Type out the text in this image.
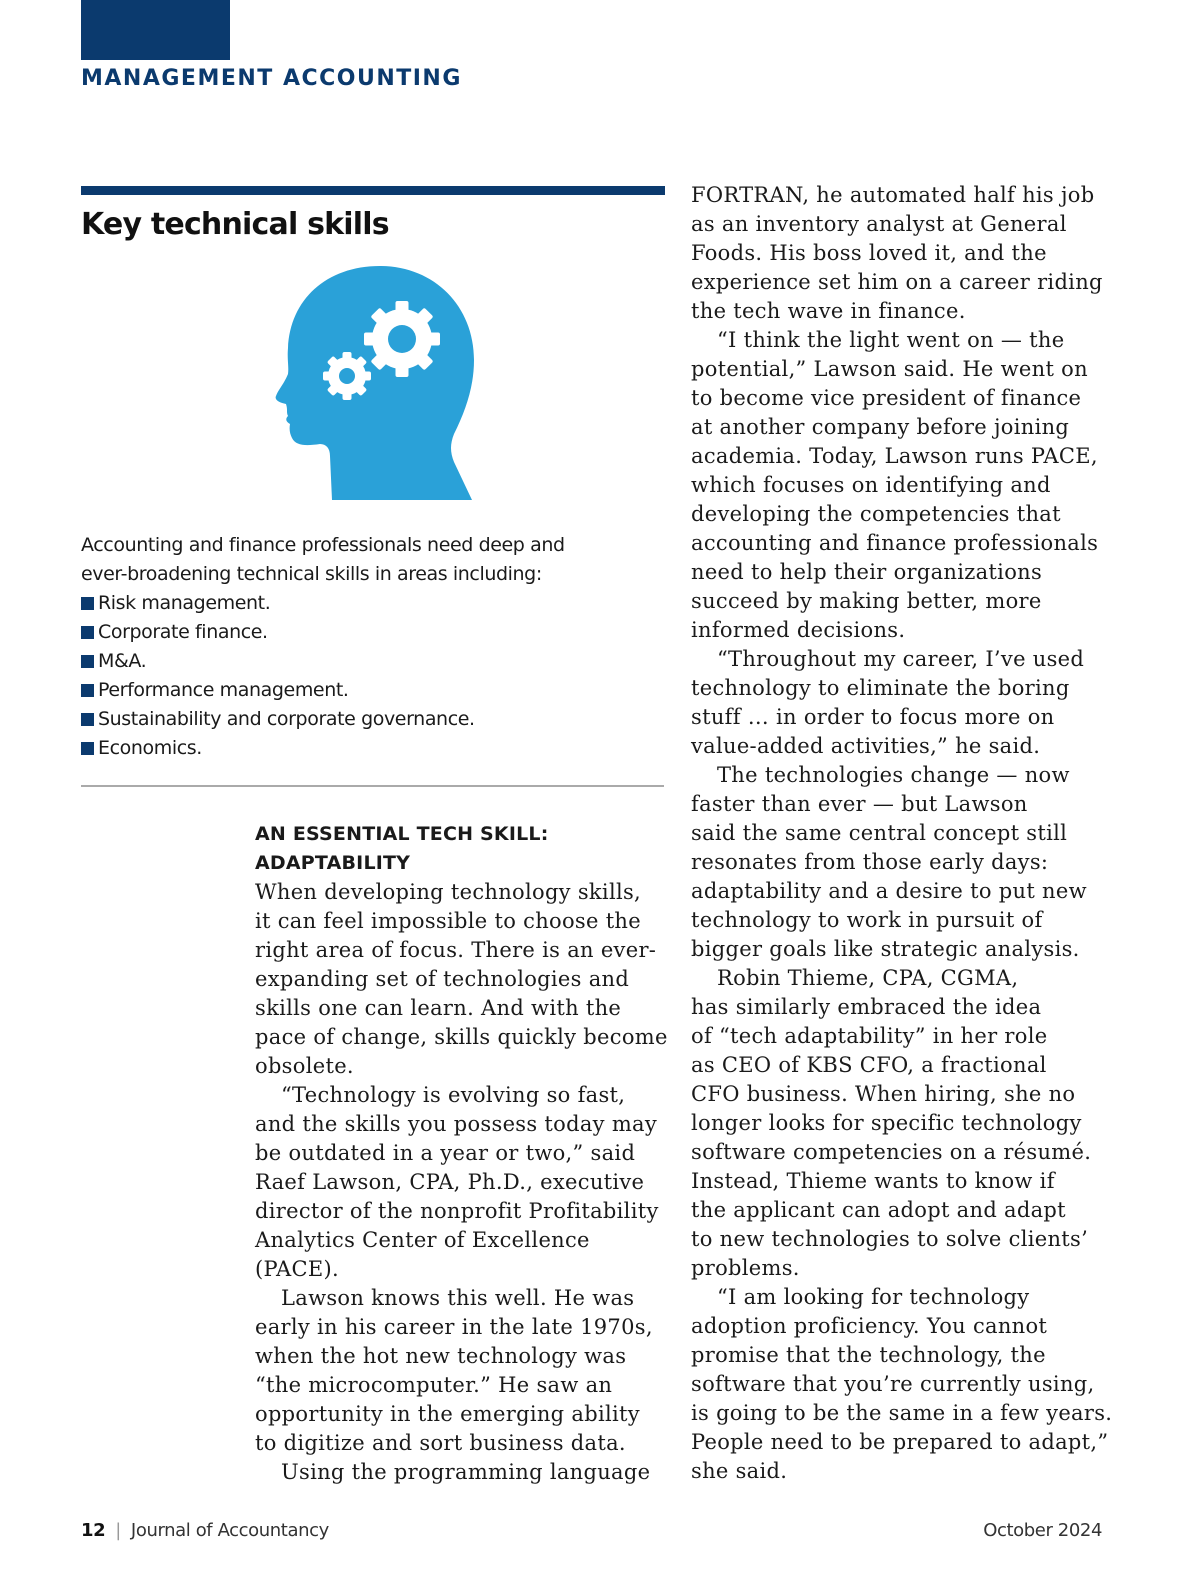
MANAGEMENT ACCOUNTING
Key technical skills

Accounting and finance professionals need deep and
ever-broadening technical skills in areas including:

Risk management.
Corporate finance.
M&A.
Performance management.
Sustainability and corporate governance.
Economics.
AN ESSENTIAL TECH SKILL:
ADAPTABILITY

When developing technology skills,

it can feel impossible to choose the

right area of focus. There is an ever-

expanding set of technologies and

skills one can learn. And with the

pace of change, skills quickly become

obsolete.

“Technology is evolving so fast,

and the skills you possess today may

be outdated in a year or two,” said

Raef Lawson, CPA, Ph.D., executive

director of the nonprofit Profitability

Analytics Center of Excellence

(PACE).

Lawson knows this well. He was

early in his career in the late 1970s,

when the hot new technology was

“the microcomputer.” He saw an

opportunity in the emerging ability

to digitize and sort business data.

Using the programming language

FORTRAN, he automated half his job

as an inventory analyst at General

Foods. His boss loved it, and the

experience set him on a career riding

the tech wave in finance.

“I think the light went on — the

potential,” Lawson said. He went on

to become vice president of finance

at another company before joining

academia. Today, Lawson runs PACE,

which focuses on identifying and

developing the competencies that

accounting and finance professionals

need to help their organizations

succeed by making better, more

informed decisions.

“Throughout my career, I’ve used

technology to eliminate the boring

stuff … in order to focus more on

value-added activities,” he said.

The technologies change — now

faster than ever — but Lawson

said the same central concept still

resonates from those early days:

adaptability and a desire to put new

technology to work in pursuit of

bigger goals like strategic analysis.

Robin Thieme, CPA, CGMA,

has similarly embraced the idea

of “tech adaptability” in her role

as CEO of KBS CFO, a fractional

CFO business. When hiring, she no

longer looks for specific technology

software competencies on a résumé.

Instead, Thieme wants to know if

the applicant can adopt and adapt

to new technologies to solve clients’

problems.

“I am looking for technology

adoption proficiency. You cannot

promise that the technology, the

software that you’re currently using,

is going to be the same in a few years.

People need to be prepared to adapt,”

she said.

12 | Journal of Accountancy	October 2024
